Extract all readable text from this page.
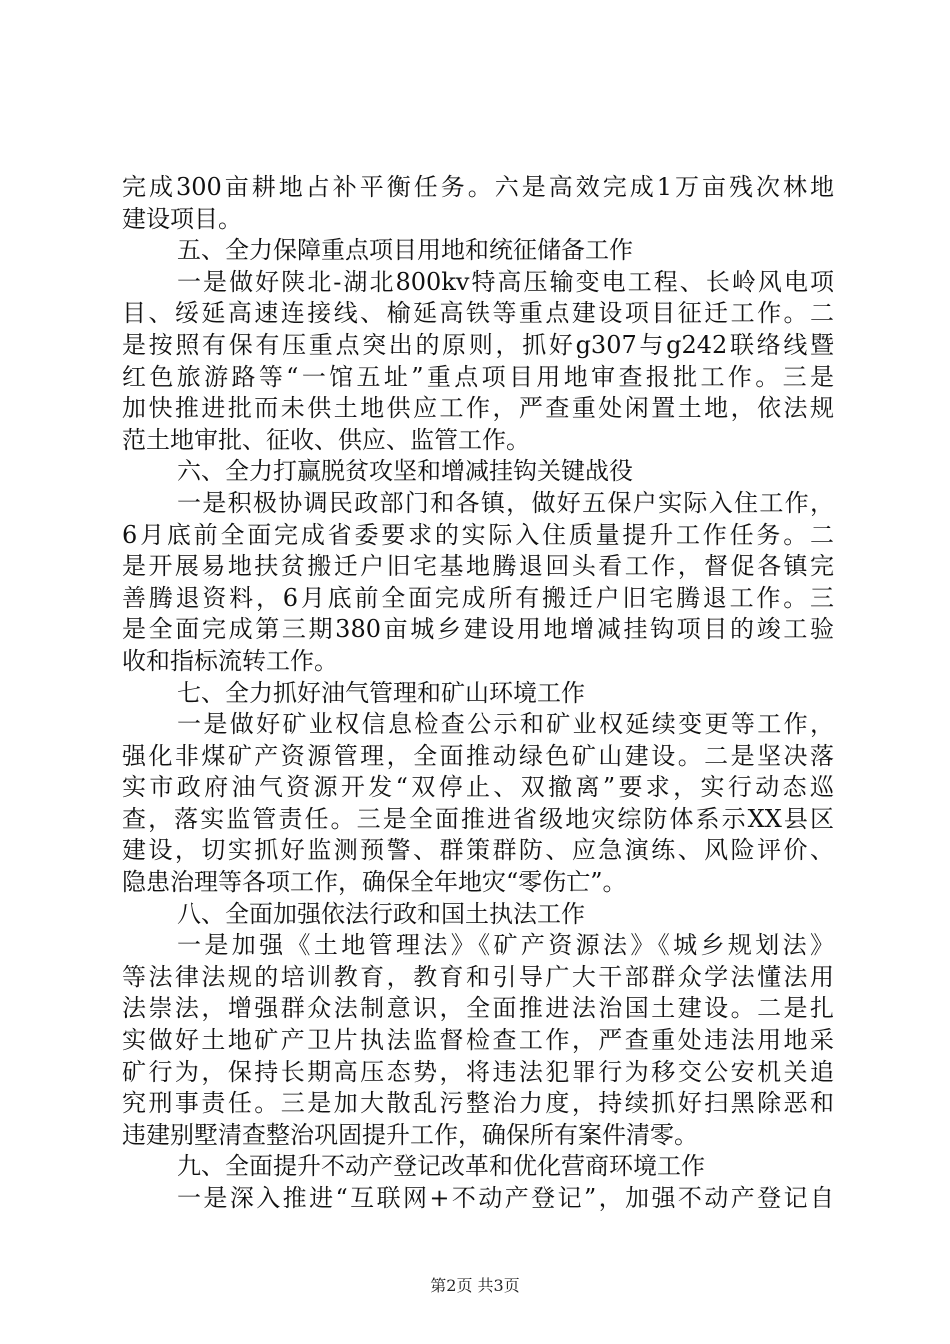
完成300亩耕地占补平衡任务。六是高效完成1万亩残次林地

建设项目。

五、全力保障重点项目用地和统征储备工作

一是做好陕北-湖北800kv特高压输变电工程、长岭风电项

目、绥延高速连接线、榆延高铁等重点建设项目征迁工作。二

是按照有保有压重点突出的原则，抓好g307与g242联络线暨

红色旅游路等“一馆五址”重点项目用地审查报批工作。三是

加快推进批而未供土地供应工作，严查重处闲置土地，依法规

范土地审批、征收、供应、监管工作。

六、全力打赢脱贫攻坚和增减挂钩关键战役

一是积极协调民政部门和各镇，做好五保户实际入住工作，

6月底前全面完成省委要求的实际入住质量提升工作任务。二

是开展易地扶贫搬迁户旧宅基地腾退回头看工作，督促各镇完

善腾退资料，6月底前全面完成所有搬迁户旧宅腾退工作。三

是全面完成第三期380亩城乡建设用地增减挂钩项目的竣工验

收和指标流转工作。

七、全力抓好油气管理和矿山环境工作

一是做好矿业权信息检查公示和矿业权延续变更等工作，

强化非煤矿产资源管理，全面推动绿色矿山建设。二是坚决落

实市政府油气资源开发“双停止、双撤离”要求，实行动态巡

查，落实监管责任。三是全面推进省级地灾综防体系示XX县区

建设，切实抓好监测预警、群策群防、应急演练、风险评价、

隐患治理等各项工作，确保全年地灾“零伤亡”。

八、全面加强依法行政和国土执法工作

一是加强《土地管理法》《矿产资源法》《城乡规划法》

等法律法规的培训教育，教育和引导广大干部群众学法懂法用

法崇法，增强群众法制意识，全面推进法治国土建设。二是扎

实做好土地矿产卫片执法监督检查工作，严查重处违法用地采

矿行为，保持长期高压态势，将违法犯罪行为移交公安机关追

究刑事责任。三是加大散乱污整治力度，持续抓好扫黑除恶和

违建别墅清查整治巩固提升工作，确保所有案件清零。

九、全面提升不动产登记改革和优化营商环境工作

一是深入推进“互联网+不动产登记”，加强不动产登记自

第2页 共3页
